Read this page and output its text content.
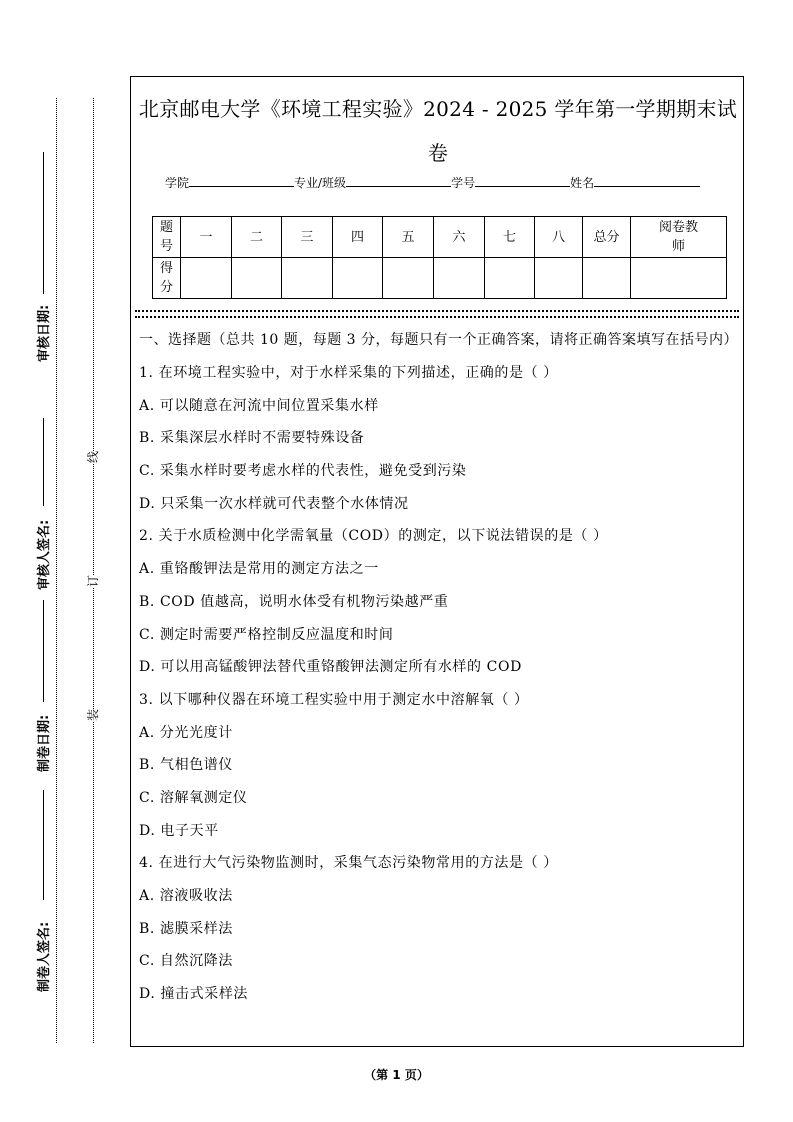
审核日期:
审核人签名:
制卷日期:
制卷人签名:
线
订
装
北京邮电大学《环境工程实验》2024 - 2025 学年第一学期期末试
卷
学院	专业/班级	学号	姓名
题号	一	二	三	四	五	六	七	八	总分	阅卷教师
得分										
一、选择题（总共 10 题，每题 3 分，每题只有一个正确答案，请将正确答案填写在括号内）
1. 在环境工程实验中，对于水样采集的下列描述，正确的是（ ）
A. 可以随意在河流中间位置采集水样
B. 采集深层水样时不需要特殊设备
C. 采集水样时要考虑水样的代表性，避免受到污染
D. 只采集一次水样就可代表整个水体情况
2. 关于水质检测中化学需氧量（COD）的测定，以下说法错误的是（ ）
A. 重铬酸钾法是常用的测定方法之一
B. COD 值越高，说明水体受有机物污染越严重
C. 测定时需要严格控制反应温度和时间
D. 可以用高锰酸钾法替代重铬酸钾法测定所有水样的 COD
3. 以下哪种仪器在环境工程实验中用于测定水中溶解氧（ ）
A. 分光光度计
B. 气相色谱仪
C. 溶解氧测定仪
D. 电子天平
4. 在进行大气污染物监测时，采集气态污染物常用的方法是（ ）
A. 溶液吸收法
B. 滤膜采样法
C. 自然沉降法
D. 撞击式采样法
（第 1 页）
